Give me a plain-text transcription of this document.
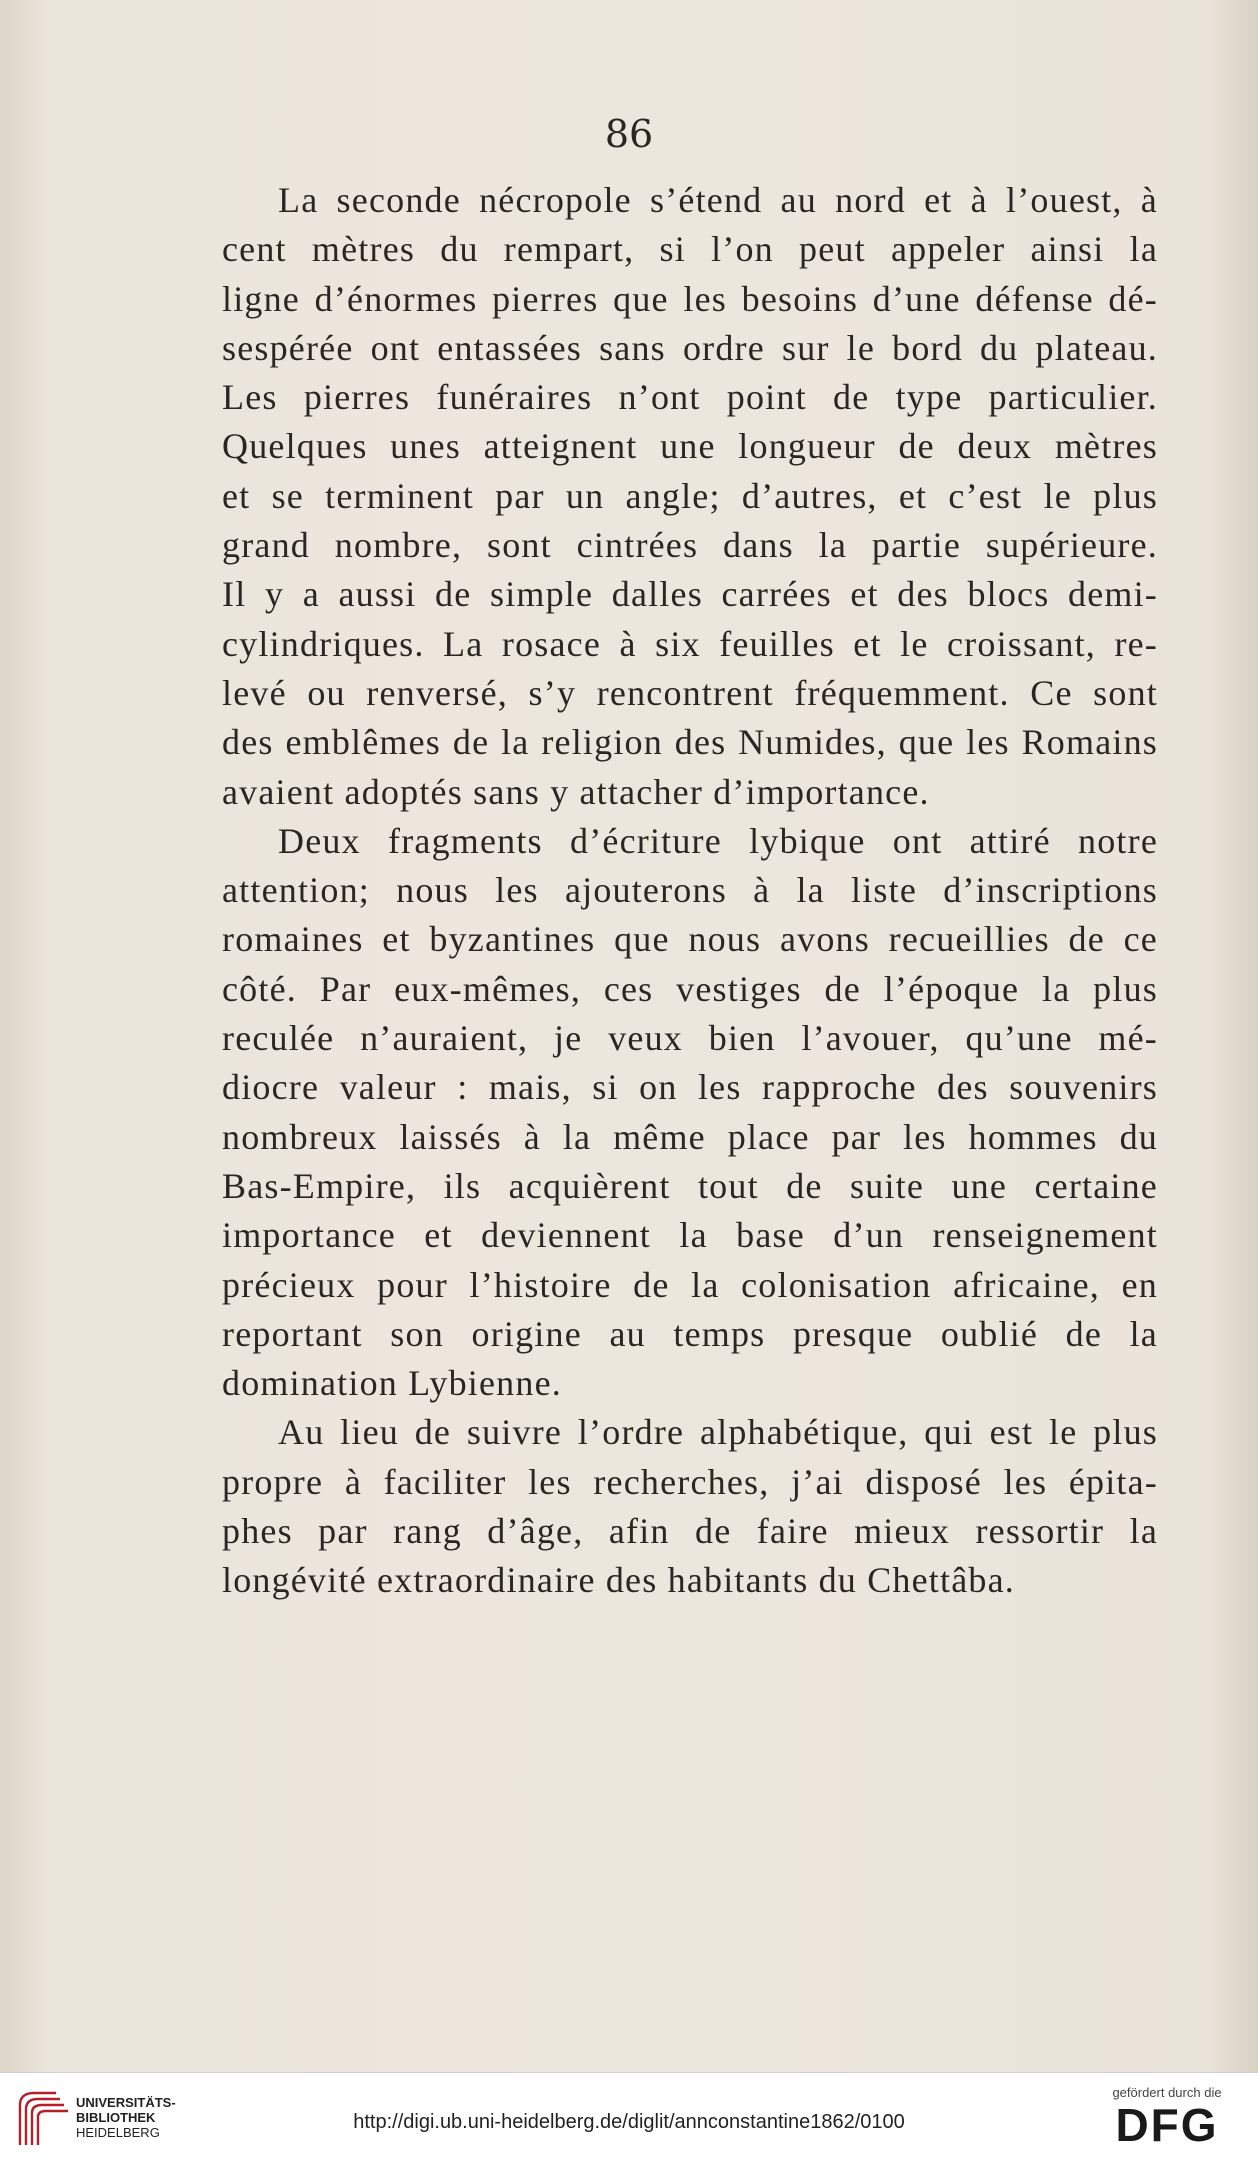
86

La seconde nécropole s’étend au nord et à l’ouest, à
cent mètres du rempart, si l’on peut appeler ainsi la
ligne d’énormes pierres que les besoins d’une défense dé-
sespérée ont entassées sans ordre sur le bord du plateau.
Les pierres funéraires n’ont point de type particulier.
Quelques unes atteignent une longueur de deux mètres
et se terminent par un angle; d’autres, et c’est le plus
grand nombre, sont cintrées dans la partie supérieure.
Il y a aussi de simple dalles carrées et des blocs demi-
cylindriques. La rosace à six feuilles et le croissant, re-
levé ou renversé, s’y rencontrent fréquemment. Ce sont
des emblêmes de la religion des Numides, que les Romains
avaient adoptés sans y attacher d’importance.

Deux fragments d’écriture lybique ont attiré notre
attention; nous les ajouterons à la liste d’inscriptions
romaines et byzantines que nous avons recueillies de ce
côté. Par eux-mêmes, ces vestiges de l’époque la plus
reculée n’auraient, je veux bien l’avouer, qu’une mé-
diocre valeur : mais, si on les rapproche des souvenirs
nombreux laissés à la même place par les hommes du
Bas-Empire, ils acquièrent tout de suite une certaine
importance et deviennent la base d’un renseignement
précieux pour l’histoire de la colonisation africaine, en
reportant son origine au temps presque oublié de la
domination Lybienne.

Au lieu de suivre l’ordre alphabétique, qui est le plus
propre à faciliter les recherches, j’ai disposé les épita-
phes par rang d’âge, afin de faire mieux ressortir la
longévité extraordinaire des habitants du Chettâba.

UNIVERSITÄTS-
BIBLIOTHEK
HEIDELBERG	http://digi.ub.uni-heidelberg.de/diglit/annconstantine1862/0100
gefördert durch die
DFG
